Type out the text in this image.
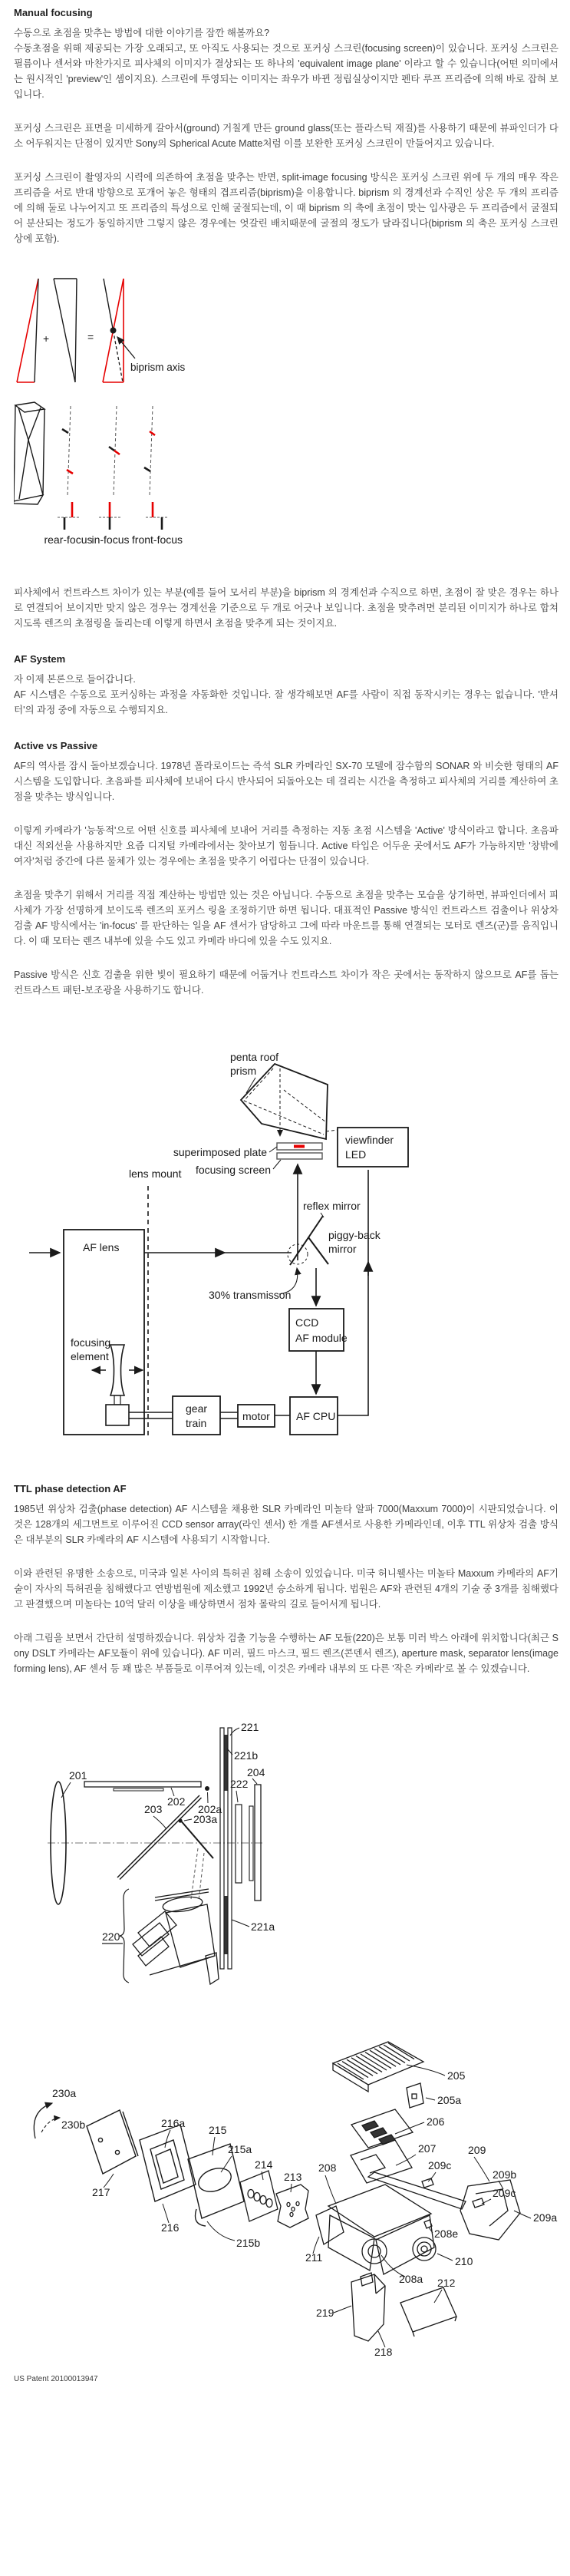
Manual focusing

수동으로 초점을 맞추는 방법에 대한 이야기를 잠깐 해볼까요?

수동초점을 위해 제공되는 가장 오래되고, 또 아직도 사용되는 것으로 포커싱 스크린(focusing screen)이 있습니다. 포커싱 스크린은 필름이나 센서와 마찬가지로 피사체의 이미지가 결상되는 또 하나의 'equivalent image plane' 이라고 할 수 있습니다(어떤 의미에서는 원시적인 'preview'인 셈이지요). 스크린에 투영되는 이미지는 좌우가 바뀐 정립실상이지만 펜타 루프 프리즘에 의해 바로 잡혀 보입니다.

포커싱 스크린은 표면을 미세하게 갈아서(ground) 거칠게 만든 ground glass(또는 플라스틱 재질)를 사용하기 때문에 뷰파인더가 다소 어두워지는 단점이 있지만 Sony의 Spherical Acute Matte처럼 이를 보완한 포커싱 스크린이 만들어지고 있습니다.

포커싱 스크린이 촬영자의 시력에 의존하여 초점을 맞추는 반면, split-image focusing 방식은 포커싱 스크린 위에 두 개의 매우 작은 프리즘을 서로 반대 방향으로 포개어 놓은 형태의 겹프리즘(biprism)을 이용합니다. biprism 의 경계선과 수직인 상은 두 개의 프리즘에 의해 둘로 나누어지고 또 프리즘의 특성으로 인해 굴절되는데, 이 때 biprism 의 축에 초점이 맞는 입사광은 두 프리즘에서 굴절되어 분산되는 정도가 동일하지만 그렇지 않은 경우에는 엇갈린 배치때문에 굴절의 정도가 달라집니다(biprism 의 축은 포커싱 스크린 상에 포함).

+	=
biprism axis
rear-focus
in-focus front-focus

피사체에서 컨트라스트 차이가 있는 부분(예를 들어 모서리 부분)을 biprism 의 경계선과 수직으로 하면, 초점이 잘 맞은 경우는 하나로 연결되어 보이지만 맞지 않은 경우는 경계선을 기준으로 두 개로 어긋나 보입니다. 초점을 맞추려면 분리된 이미지가 하나로 합쳐지도록 렌즈의 초점링을 돌리는데 이렇게 하면서 초점을 맞추게 되는 것이지요.

AF System

자 이제 본론으로 들어갑니다.

AF 시스템은 수동으로 포커싱하는 과정을 자동화한 것입니다. 잘 생각해보면 AF를 사람이 직접 동작시키는 경우는 없습니다. '반셔터'의 과정 중에 자동으로 수행되지요.

Active vs Passive

AF의 역사를 잠시 돌아보겠습니다. 1978년 폴라로이드는 즉석 SLR 카메라인 SX-70 모델에 잠수함의 SONAR 와 비슷한 형태의 AF 시스템을 도입합니다. 초음파를 피사체에 보내어 다시 반사되어 되돌아오는 데 걸리는 시간을 측정하고 피사체의 거리를 계산하여 초점을 맞추는 방식입니다.

이렇게 카메라가 '능동적'으로 어떤 신호를 피사체에 보내어 거리를 측정하는 지동 초점 시스템을 'Active' 방식이라고 합니다. 초음파 대신 적외선을 사용하지만 요즘 디지털 카메라에서는 찾아보기 힘듭니다. Active 타입은 어두운 곳에서도 AF가 가능하지만 '창밖에 여자'처럼 중간에 다른 물체가 있는 경우에는 초점을 맞추기 어렵다는 단점이 있습니다.

초점을 맞추기 위해서 거리를 직접 계산하는 방법만 있는 것은 아닙니다. 수동으로 초점을 맞추는 모습을 상기하면, 뷰파인더에서 피사체가 가장 선명하게 보이도록 렌즈의 포커스 링을 조정하기만 하면 됩니다. 대표적인 Passive 방식인 컨트라스트 검출이나 위상차 검출 AF 방식에서는 'in-focus' 를 판단하는 일을 AF 센서가 담당하고 그에 따라 마운트를 통해 연결되는 모터로 렌즈(군)를 움직입니다. 이 때 모터는 렌즈 내부에 있을 수도 있고 카메라 바디에 있을 수도 있지요.

Passive 방식은 신호 검출을 위한 빛이 필요하기 때문에 어둡거나 컨트라스트 차이가 작은 곳에서는 동작하지 않으므로 AF를 돕는 컨트라스트 패턴-보조광을 사용하기도 합니다.

penta roof
prism
superimposed plate
focusing screen
viewfinder
LED
lens mount
AF lens
reflex mirror
piggy-back
mirror
30% transmisson
CCD
AF module
AF CPU
motor
gear
train
focusing
element
TTL phase detection AF

1985년 위상차 검출(phase detection) AF 시스템을 채용한 SLR 카메라인 미놀타 알파 7000(Maxxum 7000)이 시판되었습니다. 이것은 128개의 세그먼트로 이루어진 CCD sensor array(라인 센서) 한 개를 AF센서로 사용한 카메라인데, 이후 TTL 위상차 검출 방식은 대부분의 SLR 카메라의 AF 시스템에 사용되기 시작합니다.

이와 관련된 유명한 소송으로, 미국과 일본 사이의 특허권 침해 소송이 있었습니다. 미국 허니웰사는 미놀타 Maxxum 카메라의 AF기술이 자사의 특허권을 침해했다고 연방법원에 제소했고 1992년 승소하게 됩니다. 법원은 AF와 관련된 4개의 기술 중 3개를 침해했다고 판결했으며 미놀타는 10억 달러 이상을 배상하면서 점차 몰락의 길로 들어서게 됩니다.

아래 그림을 보면서 간단히 설명하겠습니다. 위상차 검출 기능을 수행하는 AF 모듈(220)은 보통 미러 박스 아래에 위치합니다(최근 Sony DSLT 카메라는 AF모듈이 위에 있습니다). AF 미러, 필드 마스크, 필드 렌즈(콘덴서 렌즈), aperture mask, separator lens(image forming lens), AF 센서 등 꽤 많은 부품들로 이루어져 있는데, 이것은 카메라 내부의 또 다른 '작은 카메라'로 볼 수 있겠습니다.

201
202
202a
203
203a
221
221b
222
204
220
221a
230a
230b
217
216a
216
215
215a
215b
214
213
205
205a
206
207	209
209c
209b
209c
209a
208
208e
211	210
208a 212
219
218
US Patent 20100013947
